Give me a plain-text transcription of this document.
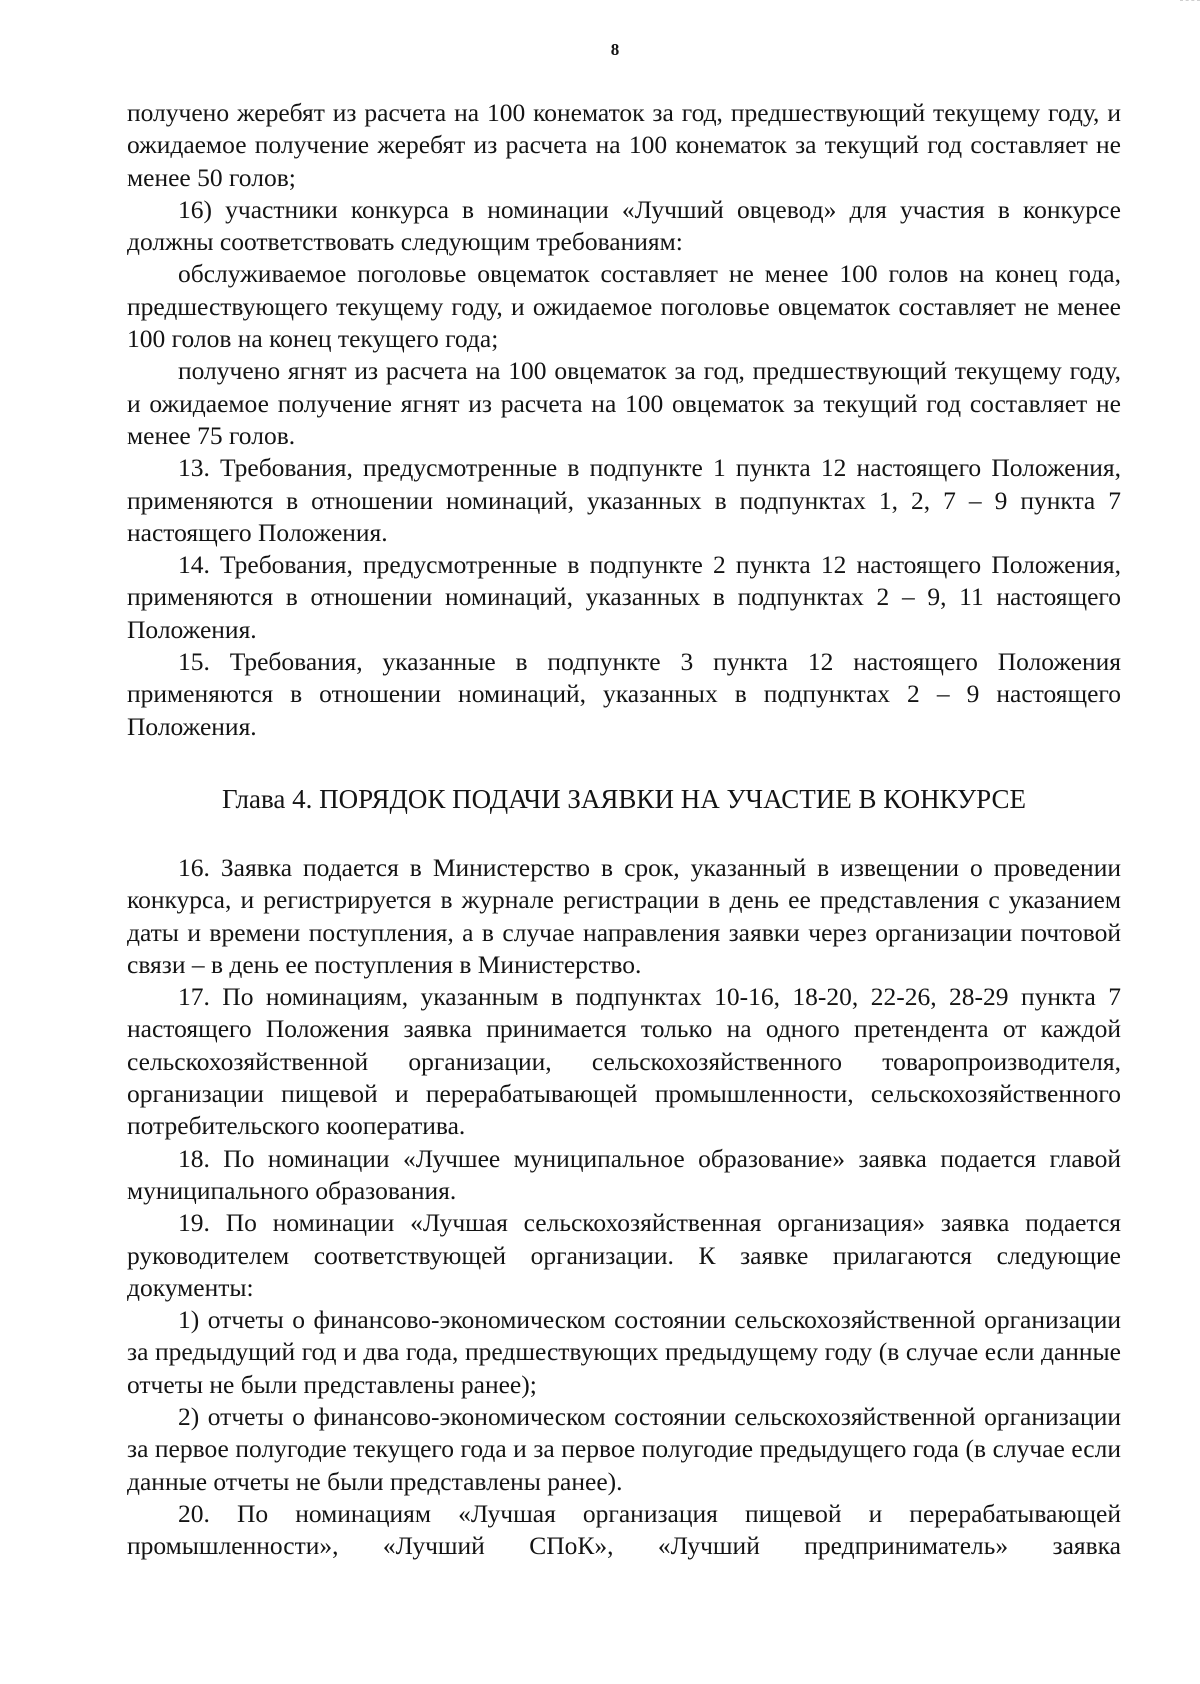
8

получено жеребят из расчета на 100 конематок за год, предшествующий текущему году, и ожидаемое получение жеребят из расчета на 100 конематок за текущий год составляет не менее 50 голов;

16) участники конкурса в номинации «Лучший овцевод» для участия в конкурсе должны соответствовать следующим требованиям:

обслуживаемое поголовье овцематок составляет не менее 100 голов на конец года, предшествующего текущему году, и ожидаемое поголовье овцематок составляет не менее 100 голов на конец текущего года;

получено ягнят из расчета на 100 овцематок за год, предшествующий текущему году, и ожидаемое получение ягнят из расчета на 100 овцематок за текущий год составляет не менее 75 голов.

13. Требования, предусмотренные в подпункте 1 пункта 12 настоящего Положения, применяются в отношении номинаций, указанных в подпунктах 1, 2, 7 – 9 пункта 7 настоящего Положения.

14. Требования, предусмотренные в подпункте 2 пункта 12 настоящего Положения, применяются в отношении номинаций, указанных в подпунктах 2 – 9, 11 настоящего Положения.

15. Требования, указанные в подпункте 3 пункта 12 настоящего Положения применяются в отношении номинаций, указанных в подпунктах 2 – 9 настоящего Положения.

Глава 4. ПОРЯДОК ПОДАЧИ ЗАЯВКИ НА УЧАСТИЕ В КОНКУРСЕ

16. Заявка подается в Министерство в срок, указанный в извещении о проведении конкурса, и регистрируется в журнале регистрации в день ее представления с указанием даты и времени поступления, а в случае направления заявки через организации почтовой связи – в день ее поступления в Министерство.

17. По номинациям, указанным в подпунктах 10-16, 18-20, 22-26, 28-29 пункта 7 настоящего Положения заявка принимается только на одного претендента от каждой сельскохозяйственной организации, сельскохозяйственного товаропроизводителя, организации пищевой и перерабатывающей промышленности, сельскохозяйственного потребительского кооператива.

18. По номинации «Лучшее муниципальное образование» заявка подается главой муниципального образования.

19. По номинации «Лучшая сельскохозяйственная организация» заявка подается руководителем соответствующей организации. К заявке прилагаются следующие документы:

1) отчеты о финансово-экономическом состоянии сельскохозяйственной организации за предыдущий год и два года, предшествующих предыдущему году (в случае если данные отчеты не были представлены ранее);

2) отчеты о финансово-экономическом состоянии сельскохозяйственной организации за первое полугодие текущего года и за первое полугодие предыдущего года (в случае если данные отчеты не были представлены ранее).

20. По номинациям «Лучшая организация пищевой и перерабатывающей промышленности», «Лучший СПоК», «Лучший предприниматель» заявка
